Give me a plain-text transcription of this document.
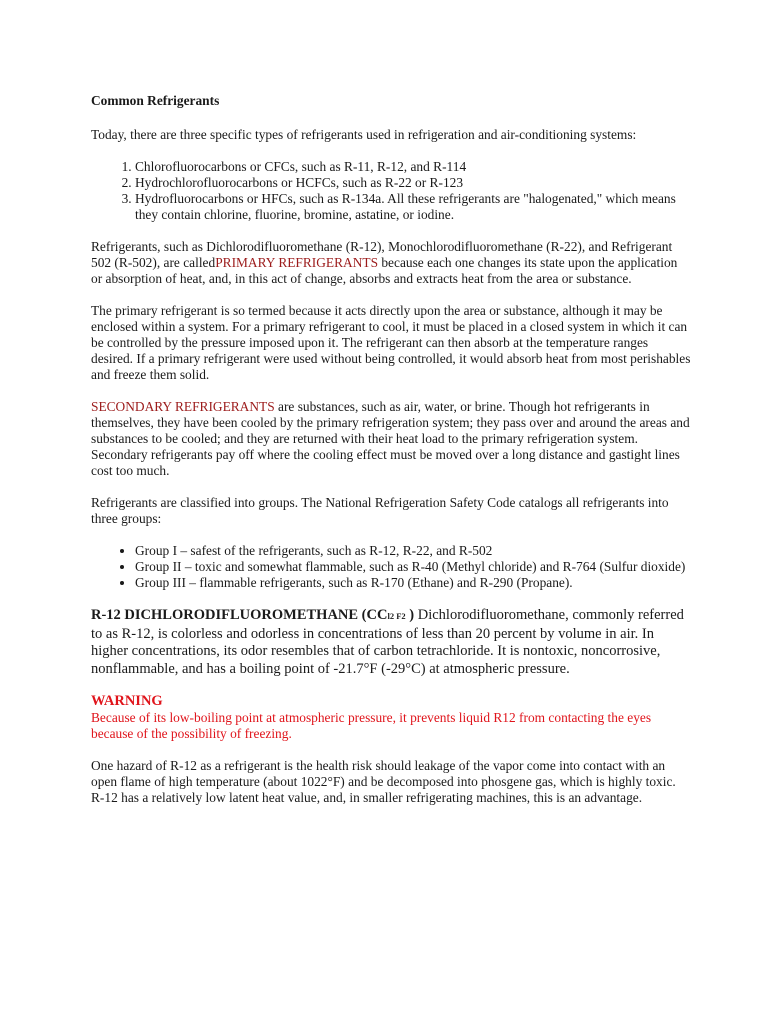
Common Refrigerants

Today, there are three specific types of refrigerants used in refrigeration and air-conditioning systems:

1. Chlorofluorocarbons or CFCs, such as R-11, R-12, and R-114
2. Hydrochlorofluorocarbons or HCFCs, such as R-22 or R-123
3. Hydrofluorocarbons or HFCs, such as R-134a. All these refrigerants are "halogenated," which means they contain chlorine, fluorine, bromine, astatine, or iodine.

Refrigerants, such as Dichlorodifluoromethane (R-12), Monochlorodifluoromethane (R-22), and Refrigerant 502 (R-502), are calledPRIMARY REFRIGERANTS because each one changes its state upon the application or absorption of heat, and, in this act of change, absorbs and extracts heat from the area or substance.

The primary refrigerant is so termed because it acts directly upon the area or substance, although it may be enclosed within a system. For a primary refrigerant to cool, it must be placed in a closed system in which it can be controlled by the pressure imposed upon it. The refrigerant can then absorb at the temperature ranges desired. If a primary refrigerant were used without being controlled, it would absorb heat from most perishables and freeze them solid.

SECONDARY REFRIGERANTS are substances, such as air, water, or brine. Though hot refrigerants in themselves, they have been cooled by the primary refrigeration system; they pass over and around the areas and substances to be cooled; and they are returned with their heat load to the primary refrigeration system. Secondary refrigerants pay off where the cooling effect must be moved over a long distance and gastight lines cost too much.

Refrigerants are classified into groups. The National Refrigeration Safety Code catalogs all refrigerants into three groups:

• Group I – safest of the refrigerants, such as R-12, R-22, and R-502
• Group II – toxic and somewhat flammable, such as R-40 (Methyl chloride) and R-764 (Sulfur dioxide)
• Group III – flammable refrigerants, such as R-170 (Ethane) and R-290 (Propane).

R-12 DICHLORODIFLUOROMETHANE (CCl2 F2 ) Dichlorodifluoromethane, commonly referred to as R-12, is colorless and odorless in concentrations of less than 20 percent by volume in air. In higher concentrations, its odor resembles that of carbon tetrachloride. It is nontoxic, noncorrosive, nonflammable, and has a boiling point of -21.7°F (-29°C) at atmospheric pressure.

WARNING
Because of its low-boiling point at atmospheric pressure, it prevents liquid R12 from contacting the eyes because of the possibility of freezing.

One hazard of R-12 as a refrigerant is the health risk should leakage of the vapor come into contact with an open flame of high temperature (about 1022°F) and be decomposed into phosgene gas, which is highly toxic. R-12 has a relatively low latent heat value, and, in smaller refrigerating machines, this is an advantage.
